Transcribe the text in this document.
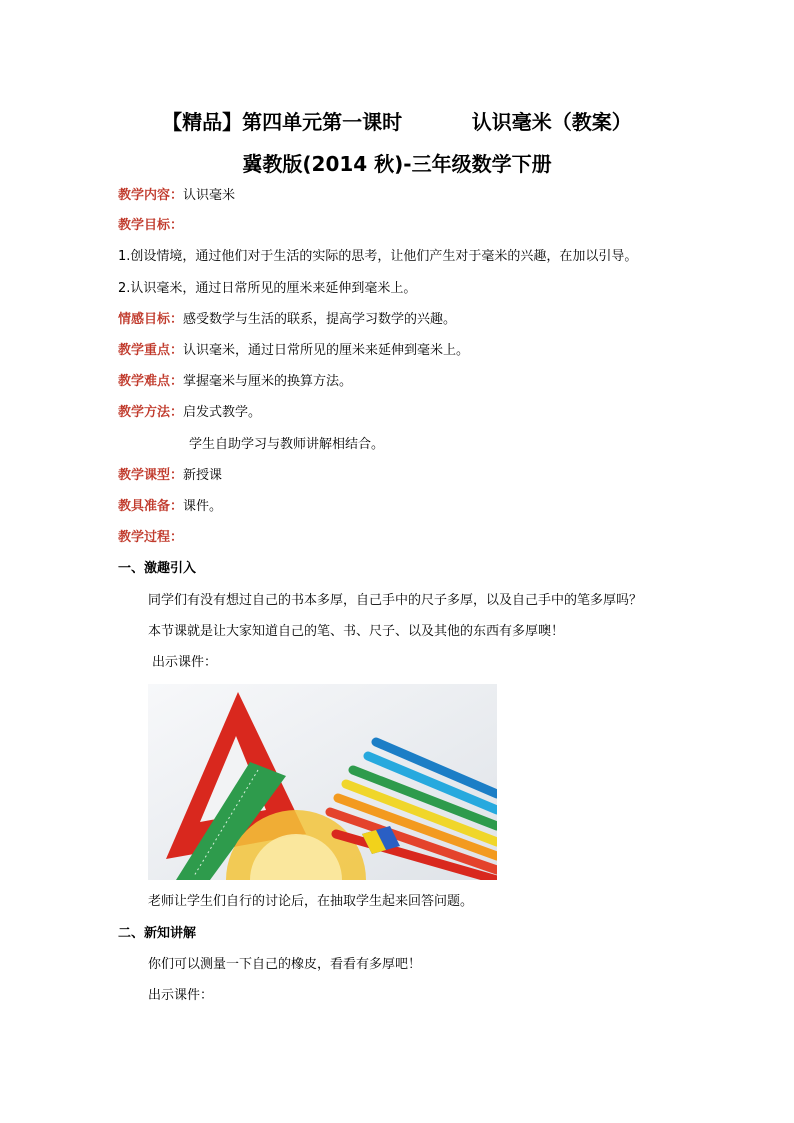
【精品】第四单元第一课时          认识毫米（教案）
冀教版(2014 秋)-三年级数学下册
教学内容：认识毫米
教学目标：
1.创设情境，通过他们对于生活的实际的思考，让他们产生对于毫米的兴趣，在加以引导。
2.认识毫米，通过日常所见的厘米来延伸到毫米上。
情感目标：感受数学与生活的联系，提高学习数学的兴趣。
教学重点：认识毫米，通过日常所见的厘米来延伸到毫米上。
教学难点：掌握毫米与厘米的换算方法。
教学方法：启发式教学。
学生自助学习与教师讲解相结合。
教学课型：新授课
教具准备：课件。
教学过程：
一、激趣引入
同学们有没有想过自己的书本多厚，自己手中的尺子多厚，以及自己手中的笔多厚吗？
本节课就是让大家知道自己的笔、书、尺子、以及其他的东西有多厚噢！
出示课件：
老师让学生们自行的讨论后，在抽取学生起来回答问题。
二、新知讲解
你们可以测量一下自己的橡皮，看看有多厚吧！
出示课件：
